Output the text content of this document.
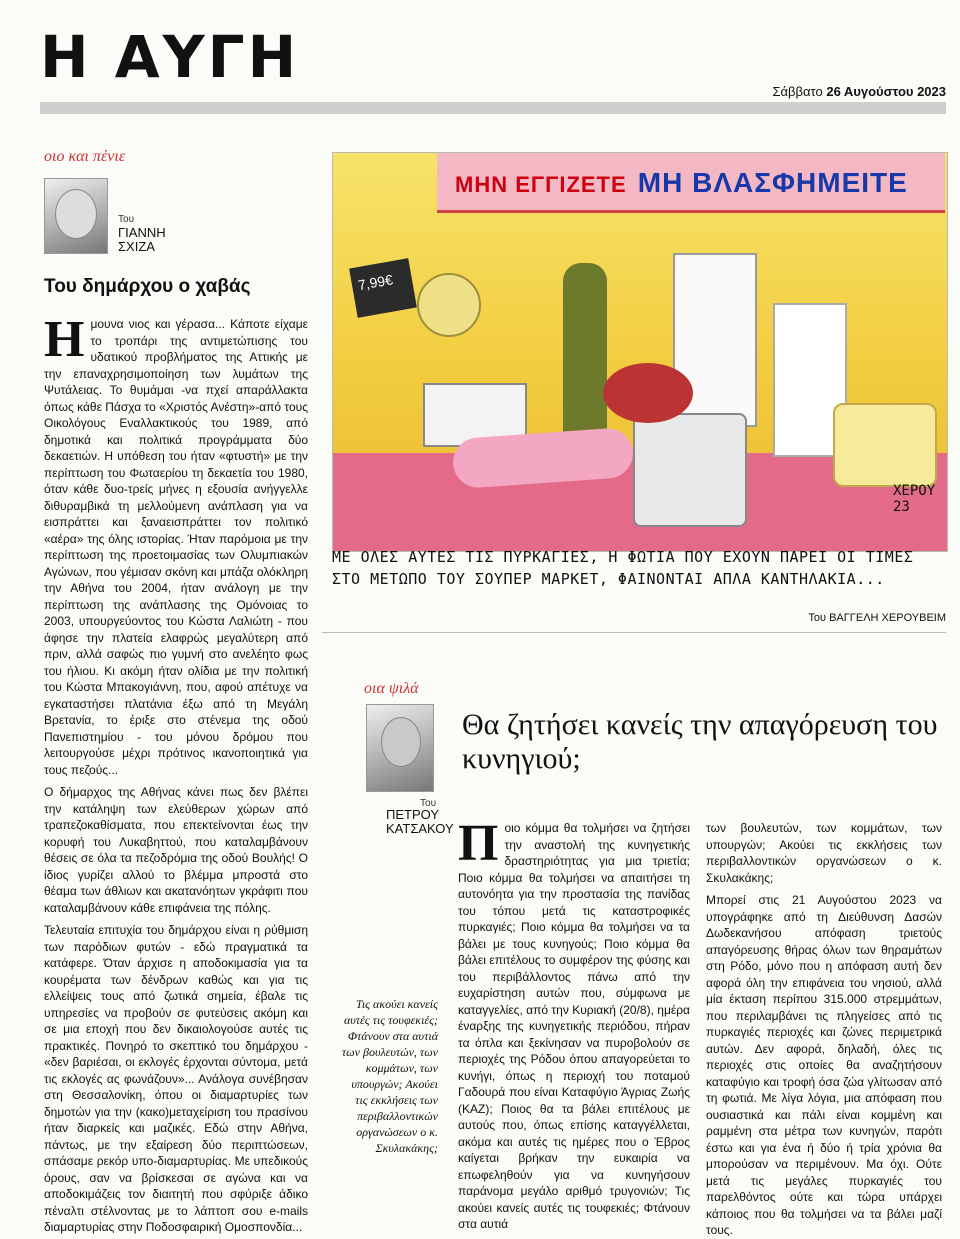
Η ΑΥΓΗ
Σάββατο 26 Αυγούστου 2023
οιο και πένιε
Του
ΓΙΑΝΝΗ
ΣΧΙΖΑ
Του δημάρχου ο χαβάς

Ημουνα νιος και γέρασα... Κάποτε είχαμε το τροπάρι της αντιμετώπισης του υδατικού προβλήματος της Αττικής με την επαναχρησιμοποίηση των λυμάτων της Ψυτάλειας. Το θυμάμαι -να πχεί απαράλλακτα όπως κάθε Πάσχα το «Χριστός Ανέστη»-από τους Οικολόγους Εναλλακτικούς του 1989, από δημοτικά και πολιτικά προγράμματα δύο δεκαετιών. Η υπόθεση του ήταν «φτυστή» με την περίπτωση του Φωταερίου τη δεκαετία του 1980, όταν κάθε δυο-τρείς μήνες η εξουσία ανήγγελλε διθυραμβικά τη μελλούμενη ανάπλαση για να εισπράττει και ξαναεισπράττει τον πολιτικό «αέρα» της όλης ιστορίας. Ήταν παρόμοια με την περίπτωση της προετοιμασίας των Ολυμπιακών Αγώνων, που γέμισαν σκόνη και μπάζα ολόκληρη την Αθήνα του 2004, ήταν ανάλογη με την περίπτωση της ανάπλασης της Ομόνοιας το 2003, υπουργεύοντος του Κώστα Λαλιώτη - που άφησε την πλατεία ελαφρώς μεγαλύτερη από πριν, αλλά σαφώς πιο γυμνή στο ανελέητο φως του ήλιου. Κι ακόμη ήταν ολίδια με την πολιτική του Κώστα Μπακογιάννη, που, αφού απέτυχε να εγκαταστήσει πλατάνια έξω από τη Μεγάλη Βρετανία, το έριξε στο στένεμα της οδού Πανεπιστημίου - του μόνου δρόμου που λειτουργούσε μέχρι πρότινος ικανοποιητικά για τους πεζούς...

Ο δήμαρχος της Αθήνας κάνει πως δεν βλέπει την κατάληψη των ελεύθερων χώρων από τραπεζοκαθίσματα, που επεκτείνονται έως την κορυφή του Λυκαβηττού, που καταλαμβάνουν θέσεις σε όλα τα πεζοδρόμια της οδού Βουλής! Ο ίδιος γυρίζει αλλού το βλέμμα μπροστά στο θέαμα των άθλιων και ακατανόητων γκράφιτι που καταλαμβάνουν κάθε επιφάνεια της πόλης.

Τελευταία επιτυχία του δημάρχου είναι η ρύθμιση των παρόδιων φυτών - εδώ πραγματικά τα κατάφερε. Όταν άρχισε η αποδοκιμασία για τα κουρέματα των δένδρων καθώς και για τις ελλείψεις τους από ζωτικά σημεία, έβαλε τις υπηρεσίες να προβούν σε φυτεύσεις ακόμη και σε μια εποχή που δεν δικαιολογούσε αυτές τις πρακτικές. Πονηρό το σκεπτικό του δημάρχου - «δεν βαριέσαι, οι εκλογές έρχονται σύντομα, μετά τις εκλογές ας φωνάζουν»... Ανάλογα συνέβησαν στη Θεσσαλονίκη, όπου οι διαμαρτυρίες των δημοτών για την (κακο)μεταχείριση του πρασίνου ήταν διαρκείς και μαζικές. Εδώ στην Αθήνα, πάντως, με την εξαίρεση δύο περιπτώσεων, σπάσαμε ρεκόρ υπο-διαμαρτυρίας. Με υπεδικούς όρους, σαν να βρίσκεσαι σε αγώνα και να αποδοκιμάζεις τον διαιτητή που σφύριξε άδικο πέναλτι στέλνοντας με το λάπτοπ σου e-mails διαμαρτυρίας στην Ποδοσφαιρική Ομοσπονδία...

ΜΗΝ ΕΓΓΙΖΕΤΕ ΜΗ ΒΛΑΣΦΗΜΕΙΤΕ
7,99€
ΧΕΡΟΥ 23
ΜΕ ΟΛΕΣ ΑΥΤΕΣ ΤΙΣ ΠΥΡΚΑΓΙΕΣ, Η ΦΩΤΙΑ ΠΟΥ ΕΧΟΥΝ ΠΑΡΕΙ ΟΙ ΤΙΜΕΣ
ΣΤΟ ΜΕΤΩΠΟ ΤΟΥ ΣΟΥΠΕΡ ΜΑΡΚΕΤ, ΦΑΙΝΟΝΤΑΙ ΑΠΛΑ ΚΑΝΤΗΛΑΚΙΑ...
Του ΒΑΓΓΕΛΗ ΧΕΡΟΥΒΕΙΜ
οια ψιλά
Του
ΠΕΤΡΟΥ
ΚΑΤΣΑΚΟΥ
Θα ζητήσει κανείς την απαγόρευση του κυνηγιού;
Τις ακούει κανείς αυτές τις τουφεκιές; Φτάνουν στα αυτιά των βουλευτών, των κομμάτων, των υπουργών; Ακούει τις εκκλήσεις των περιβαλλοντικών οργανώσεων ο κ. Σκυλακάκης;

Ποιο κόμμα θα τολμήσει να ζητήσει την αναστολή της κυνηγετικής δραστηριότητας για μια τριετία; Ποιο κόμμα θα τολμήσει να απαιτήσει τη αυτονόητα για την προστασία της πανίδας του τόπου μετά τις καταστροφικές πυρκαγιές; Ποιο κόμμα θα τολμήσει να τα βάλει με τους κυνηγούς; Ποιο κόμμα θα βάλει επιτέλους το συμφέρον της φύσης και του περιβάλλοντος πάνω από την ευχαρίστηση αυτών που, σύμφωνα με καταγγελίες, από την Κυριακή (20/8), ημέρα έναρξης της κυνηγετικής περιόδου, πήραν τα όπλα και ξεκίνησαν να πυροβολούν σε περιοχές της Ρόδου όπου απαγορεύεται το κυνήγι, όπως η περιοχή του ποταμού Γαδουρά που είναι Καταφύγιο Άγριας Ζωής (ΚΑΖ); Ποιος θα τα βάλει επιτέλους με αυτούς που, όπως επίσης καταγγέλλεται, ακόμα και αυτές τις ημέρες που ο Έβρος καίγεται βρήκαν την ευκαιρία να επωφεληθούν για να κυνηγήσουν παράνομα μεγάλο αριθμό τρυγονιών; Τις ακούει κανείς αυτές τις τουφεκιές; Φτάνουν στα αυτιά

των βουλευτών, των κομμάτων, των υπουργών; Ακούει τις εκκλήσεις των περιβαλλοντικών οργανώσεων ο κ. Σκυλακάκης;

Μπορεί στις 21 Αυγούστου 2023 να υπογράφηκε από τη Διεύθυνση Δασών Δωδεκανήσου απόφαση τριετούς απαγόρευσης θήρας όλων των θηραμάτων στη Ρόδο, μόνο που η απόφαση αυτή δεν αφορά όλη την επιφάνεια του νησιού, αλλά μία έκταση περίπου 315.000 στρεμμάτων, που περιλαμβάνει τις πληγείσες από τις πυρκαγιές περιοχές και ζώνες περιμετρικά αυτών. Δεν αφορά, δηλαδή, όλες τις περιοχές στις οποίες θα αναζητήσουν καταφύγιο και τροφή όσα ζώα γλίτωσαν από τη φωτιά. Με λίγα λόγια, μια απόφαση που ουσιαστικά και πάλι είναι κομμένη και ραμμένη στα μέτρα των κυνηγών, παρότι έστω και για ένα ή δύο ή τρία χρόνια θα μπορούσαν να περιμένουν. Μα όχι. Ούτε μετά τις μεγάλες πυρκαγιές του παρελθόντος ούτε και τώρα υπάρχει κάποιος που θα τολμήσει να τα βάλει μαζί τους.
